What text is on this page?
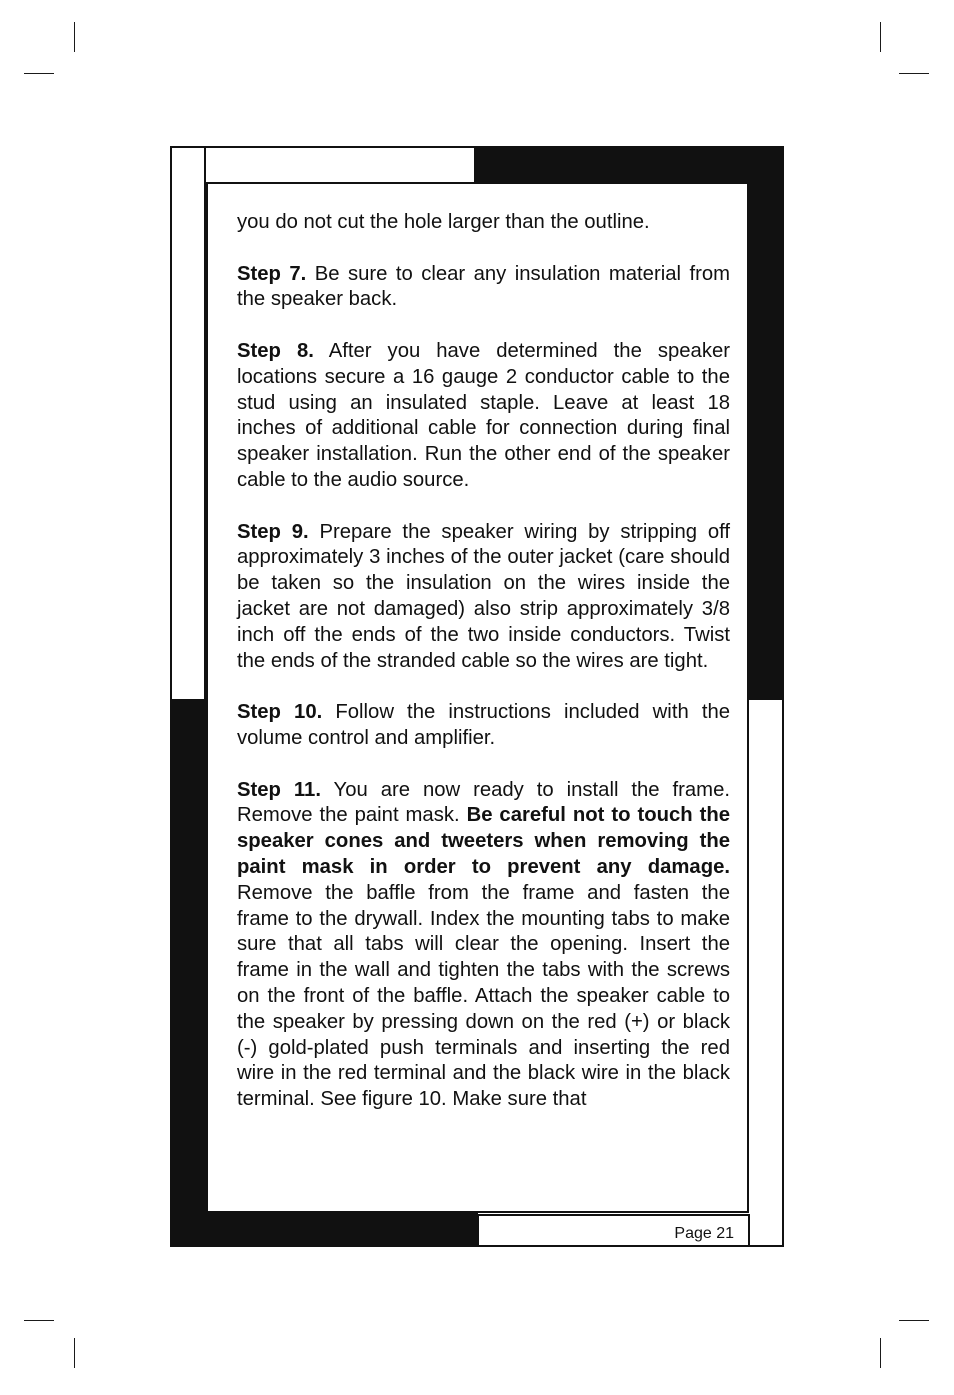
you do not cut the hole larger than the outline.

Step 7. Be sure to clear any insulation material from the speaker back.

Step 8. After you have determined the speaker locations secure a 16 gauge 2 conductor cable to the stud using an insulated staple. Leave at least 18 inches of additional cable for connection during final speaker installation. Run the other end of the speaker cable to the audio source.

Step 9. Prepare the speaker wiring by stripping off approximately 3 inches of the outer jacket (care should be taken so the insulation on the wires inside the jacket are not damaged) also strip approximately 3/8 inch off the ends of the two inside conductors. Twist the ends of the stranded cable so the wires are tight.

Step 10. Follow the instructions included with the volume control and amplifier.

Step 11. You are now ready to install the frame. Remove the paint mask. Be careful not to touch the speaker cones and tweeters when removing the paint mask in order to prevent any damage. Remove the baffle from the frame and fasten the frame to the drywall. Index the mounting tabs to make sure that all tabs will clear the opening. Insert the frame in the wall and tighten the tabs with the screws on the front of the baffle. Attach the speaker cable to the speaker by pressing down on the red (+) or black (-) gold-plated push terminals and inserting the red wire in the red terminal and the black wire in the black terminal. See figure 10. Make sure that

Page 21
